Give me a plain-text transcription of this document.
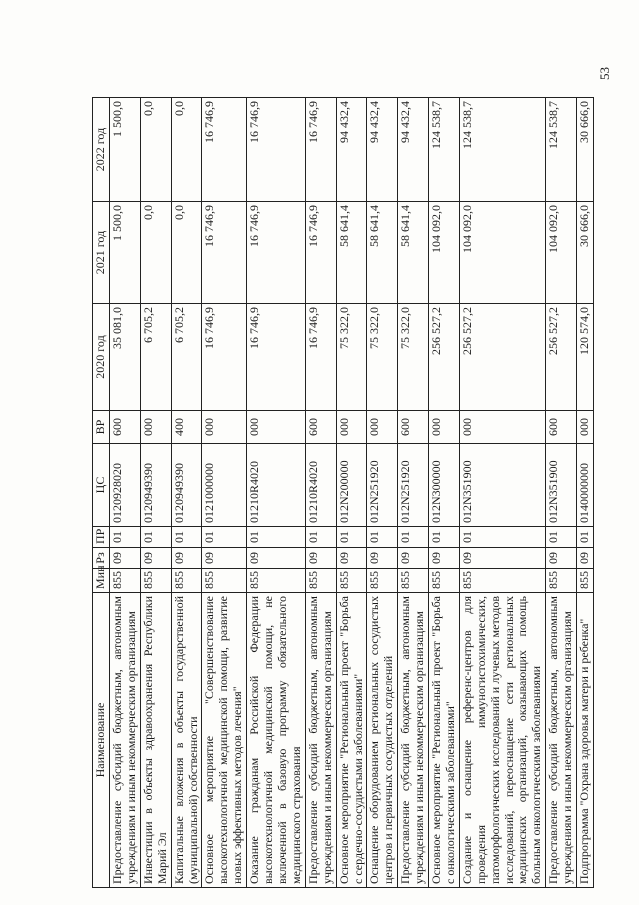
53
Наименование	Мин	Рз	ПР	ЦС	ВР	2020 год	2021 год	2022 год
Предоставление субсидий бюджетным, автономным учреждениям и иным некоммерческим организациям	855	09	01	0120928020	600	35 081,0	1 500,0	1 500,0
Инвестиции в объекты здравоохранения Республики Марий Эл	855	09	01	0120949390	000	6 705,2	0,0	0,0
Капитальные вложения в объекты государственной (муниципальной) собственности	855	09	01	0120949390	400	6 705,2	0,0	0,0
Основное мероприятие "Совершенствование высокотехнологичной медицинской помощи, развитие новых эффективных методов лечения"	855	09	01	0121000000	000	16 746,9	16 746,9	16 746,9
Оказание гражданам Российской Федерации высокотехнологичной медицинской помощи, не включенной в базовую программу обязательного медицинского страхования	855	09	01	01210R4020	000	16 746,9	16 746,9	16 746,9
Предоставление субсидий бюджетным, автономным учреждениям и иным некоммерческим организациям	855	09	01	01210R4020	600	16 746,9	16 746,9	16 746,9
Основное мероприятие "Региональный проект "Борьба с сердечно-сосудистыми заболеваниями"	855	09	01	012N200000	000	75 322,0	58 641,4	94 432,4
Оснащение оборудованием региональных сосудистых центров и первичных сосудистых отделений	855	09	01	012N251920	000	75 322,0	58 641,4	94 432,4
Предоставление субсидий бюджетным, автономным учреждениям и иным некоммерческим организациям	855	09	01	012N251920	600	75 322,0	58 641,4	94 432,4
Основное мероприятие "Региональный проект "Борьба с онкологическими заболеваниями"	855	09	01	012N300000	000	256 527,2	104 092,0	124 538,7
Создание и оснащение референс-центров для проведения иммуногистохимических, патоморфологических исследований и лучевых методов исследований, переоснащение сети региональных медицинских организаций, оказывающих помощь больным онкологическими заболеваниями	855	09	01	012N351900	000	256 527,2	104 092,0	124 538,7
Предоставление субсидий бюджетным, автономным учреждениям и иным некоммерческим организациям	855	09	01	012N351900	600	256 527,2	104 092,0	124 538,7
Подпрограмма "Охрана здоровья матери и ребенка"	855	09	01	0140000000	000	120 574,0	30 666,0	30 666,0
